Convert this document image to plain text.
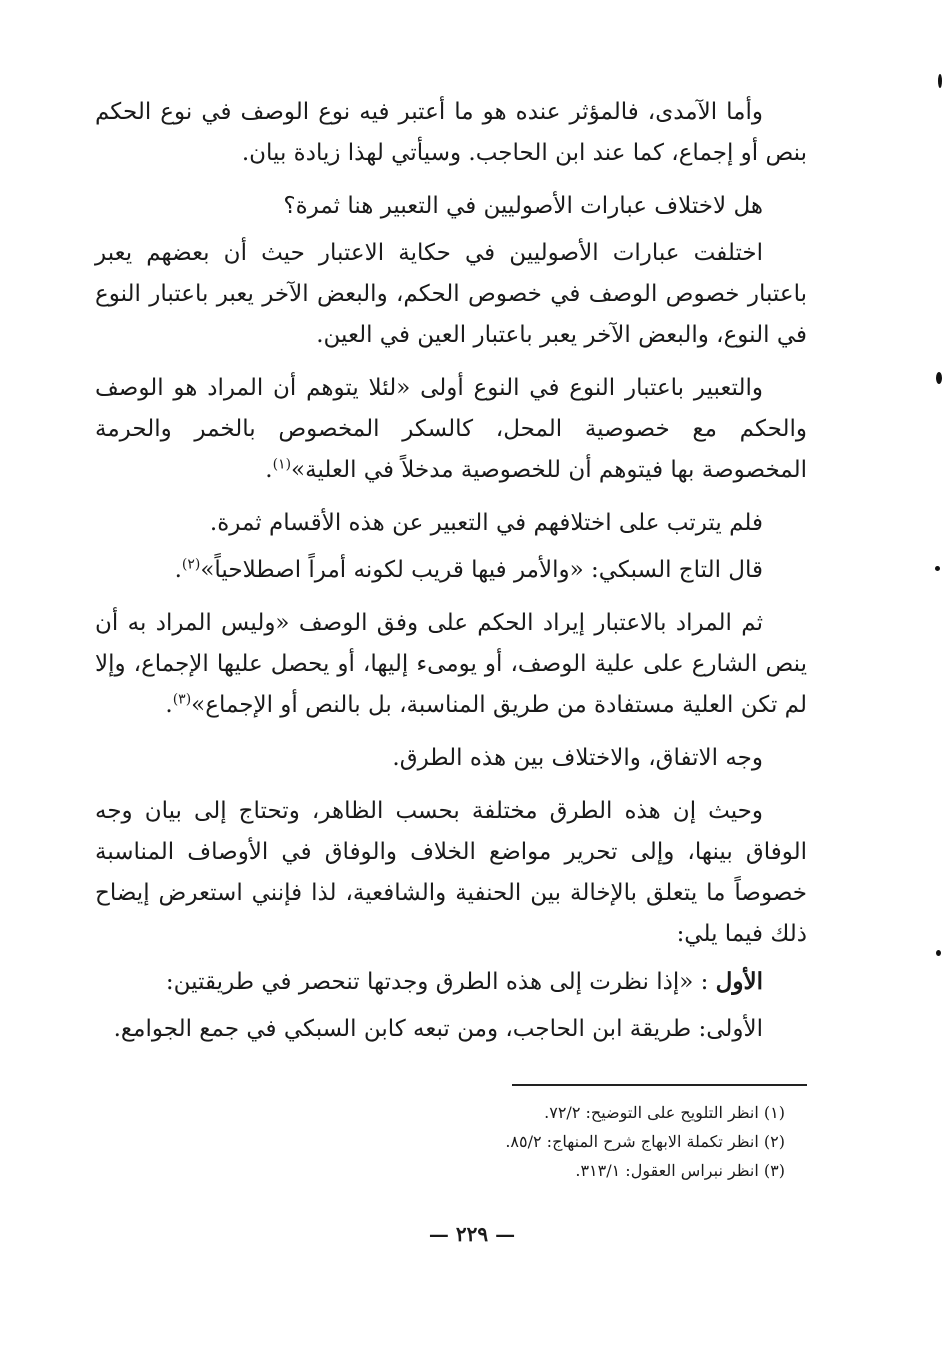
وأما الآمدى، فالمؤثر عنده هو ما أعتبر فيه نوع الوصف في نوع الحكم بنص أو إجماع، كما عند ابن الحاجب. وسيأتي لهذا زيادة بيان.

هل لاختلاف عبارات الأصوليين في التعبير هنا ثمرة؟

اختلفت عبارات الأصوليين في حكاية الاعتبار حيث أن بعضهم يعبر باعتبار خصوص الوصف في خصوص الحكم، والبعض الآخر يعبر باعتبار النوع في النوع، والبعض الآخر يعبر باعتبار العين في العين.

والتعبير باعتبار النوع في النوع أولى «لئلا يتوهم أن المراد هو الوصف والحكم مع خصوصية المحل، كالسكر المخصوص بالخمر والحرمة المخصوصة بها فيتوهم أن للخصوصية مدخلاً في العلية»$^{(١)}$.

فلم يترتب على اختلافهم في التعبير عن هذه الأقسام ثمرة.

قال التاج السبكي: «والأمر فيها قريب لكونه أمراً اصطلاحياً»$^{(٢)}$.

ثم المراد بالاعتبار إيراد الحكم على وفق الوصف «وليس المراد به أن ينص الشارع على علية الوصف، أو يومىء إليها، أو يحصل عليها الإجماع، وإلا لم تكن العلية مستفادة من طريق المناسبة، بل بالنص أو الإجماع»$^{(٣)}$.

وجه الاتفاق، والاختلاف بين هذه الطرق.

وحيث إن هذه الطرق مختلفة بحسب الظاهر، وتحتاج إلى بيان وجه الوفاق بينها، وإلى تحرير مواضع الخلاف والوفاق في الأوصاف المناسبة خصوصاً ما يتعلق بالإخالة بين الحنفية والشافعية، لذا فإنني استعرض إيضاح ذلك فيما يلي:

الأول : «إذا نظرت إلى هذه الطرق وجدتها تنحصر في طريقتين:

الأولى: طريقة ابن الحاجب، ومن تبعه كابن السبكي في جمع الجوامع.

(١) انظر التلويح على التوضيح: ٧٢/٢.
(٢) انظر تكملة الابهاج شرح المنهاج: ٨٥/٢.
(٣) انظر نبراس العقول: ٣١٣/١.
— ٢٢٩ —
